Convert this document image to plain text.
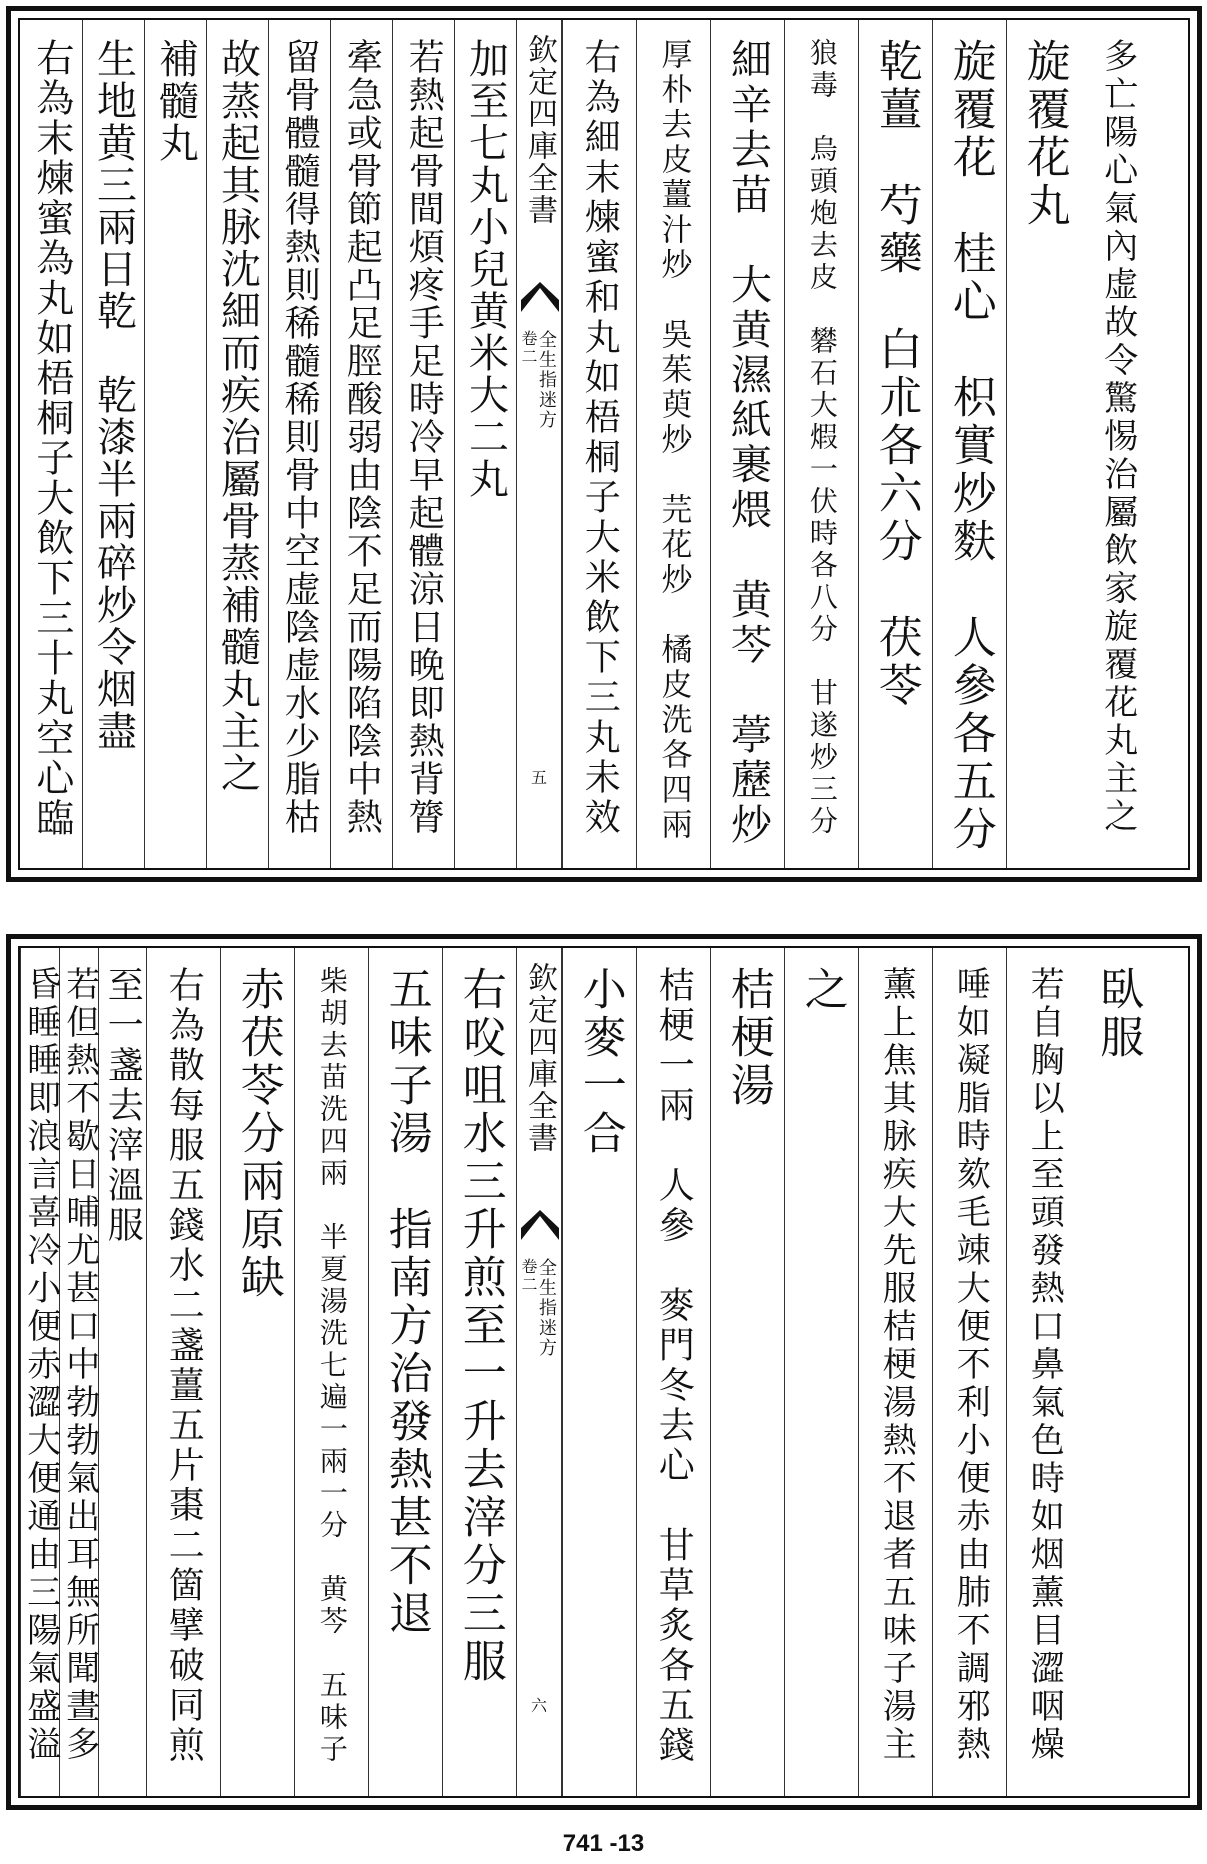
多亡陽心氣內虚故令驚惕治屬飲家旋覆花丸主之
旋覆花丸
旋覆花　桂心　枳實炒麩　人參各五分
乾薑　芍藥　白朮各六分　茯苓
狼毒　烏頭炮去皮　礬石大煆一伏時各八分　甘遂炒三分
細辛去苗　大黄濕紙裹煨　黄芩　葶藶炒
厚朴去皮薑汁炒　吳茱萸炒　芫花炒　橘皮洗各四兩
右為細末煉蜜和丸如梧桐子大米飲下三丸未效
欽定四庫全書
全生指迷方
卷二
五
加至七丸小兒黄米大二丸
若熱起骨間煩疼手足時冷早起體涼日晚即熱背膂
牽急或骨節起凸足脛酸弱由陰不足而陽陷陰中熱
留骨體髓得熱則稀髓稀則骨中空虚陰虚水少脂枯
故蒸起其脉沈細而疾治屬骨蒸補髓丸主之
補髓丸
生地黄三兩日乾　乾漆半兩碎炒令烟盡
右為末煉蜜為丸如梧桐子大飲下三十丸空心臨
臥服
若自胸以上至頭發熱口鼻氣色時如烟薰目澀咽燥
唾如凝脂時欬毛竦大便不利小便赤由肺不調邪熱
薰上焦其脉疾大先服桔梗湯熱不退者五味子湯主
之
桔梗湯
桔梗一兩　人參　麥門冬去心　甘草炙各五錢
小麥一合
欽定四庫全書
全生指迷方
卷二
六
右㕮咀水三升煎至一升去滓分三服
五味子湯　指南方治發熱甚不退
柴胡去苗洗四兩　半夏湯洗七遍一兩一分　黄芩　五味子
赤茯苓分兩原缺
右為散每服五錢水二盞薑五片棗二箇擘破同煎
至一盞去滓溫服
若但熱不歇日晡尤甚口中勃勃氣出耳無所聞晝多
昏睡睡即浪言喜冷小便赤澀大便通由三陽氣盛溢
741 -13
